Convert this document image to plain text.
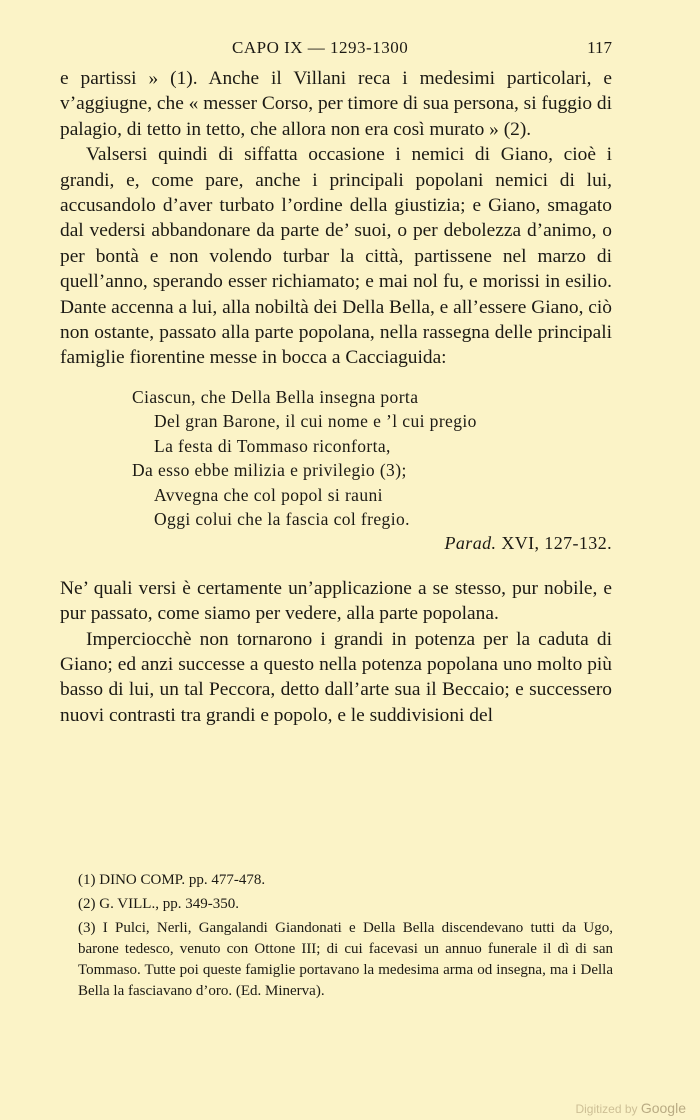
CAPO IX — 1293-1300	117

e partissi » (1). Anche il Villani reca i medesimi particolari, e v’aggiugne, che « messer Corso, per timore di sua persona, si fuggio di palagio, di tetto in tetto, che allora non era così murato » (2).

Valsersi quindi di siffatta occasione i nemici di Giano, cioè i grandi, e, come pare, anche i principali popolani nemici di lui, accusandolo d’aver turbato l’ordine della giustizia; e Giano, smagato dal vedersi abbandonare da parte de’ suoi, o per debolezza d’animo, o per bontà e non volendo turbar la città, partissene nel marzo di quell’anno, sperando esser richiamato; e mai nol fu, e morissi in esilio. Dante accenna a lui, alla nobiltà dei Della Bella, e all’essere Giano, ciò non ostante, passato alla parte popolana, nella rassegna delle principali famiglie fiorentine messe in bocca a Cacciaguida:

Ciascun, che Della Bella insegna porta
Del gran Barone, il cui nome e ’l cui pregio
La festa di Tommaso riconforta,
Da esso ebbe milizia e privilegio (3);
Avvegna che col popol si rauni
Oggi colui che la fascia col fregio.
Parad. XVI, 127-132.

Ne’ quali versi è certamente un’applicazione a se stesso, pur nobile, e pur passato, come siamo per vedere, alla parte popolana.

Imperciocchè non tornarono i grandi in potenza per la caduta di Giano; ed anzi successe a questo nella potenza popolana uno molto più basso di lui, un tal Peccora, detto dall’arte sua il Beccaio; e successero nuovi contrasti tra grandi e popolo, e le suddivisioni del

(1) DINO COMP. pp. 477-478.

(2) G. VILL., pp. 349-350.

(3) I Pulci, Nerli, Gangalandi Giandonati e Della Bella discendevano tutti da Ugo, barone tedesco, venuto con Ottone III; di cui facevasi un annuo funerale il dì di san Tommaso. Tutte poi queste famiglie portavano la medesima arma od insegna, ma i Della Bella la fasciavano d’oro. (Ed. Minerva).

Digitized by Google
